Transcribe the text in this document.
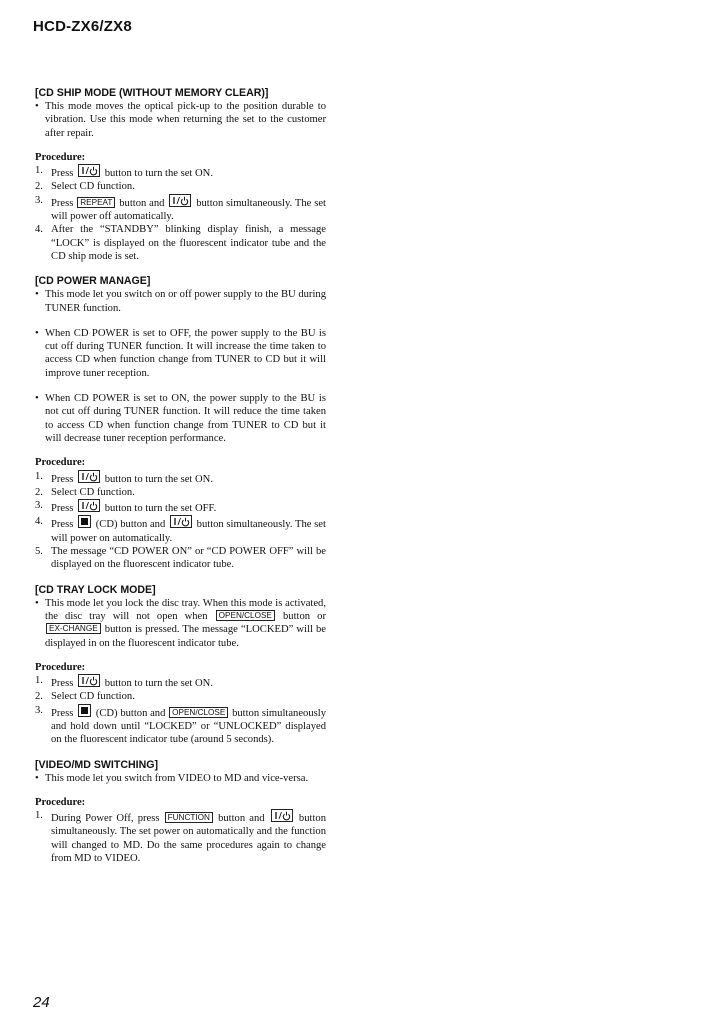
HCD-ZX6/ZX8

[CD SHIP MODE (WITHOUT MEMORY CLEAR)]

• This mode moves the optical pick-up to the position durable to vibration. Use this mode when returning the set to the customer after repair.

Procedure:

1. Press	button to turn the set ON.

2. Select CD function.

3. Press REPEAT button and	button simultaneously. The set will power off automatically.

4. After the “STANDBY” blinking display finish, a message “LOCK” is displayed on the fluorescent indicator tube and the CD ship mode is set.

[CD POWER MANAGE]

• This mode let you switch on or off power supply to the BU during TUNER function.

• When CD POWER is set to OFF, the power supply to the BU is cut off during TUNER function. It will increase the time taken to access CD when function change from TUNER to CD but it will improve tuner reception.

• When CD POWER is set to ON, the power supply to the BU is not cut off during TUNER function. It will reduce the time taken to access CD when function change from TUNER to CD but it will decrease tuner reception performance.

Procedure:

1. Press	button to turn the set ON.

2. Select CD function.

3. Press	button to turn the set OFF.

4. Press (CD) button and	button simultaneously. The set will power on automatically.

5. The message “CD POWER ON” or “CD POWER OFF” will be displayed on the fluorescent indicator tube.

[CD TRAY LOCK MODE]

• This mode let you lock the disc tray. When this mode is activated, the disc tray will not open when OPEN/CLOSE button or EX-CHANGE button is pressed. The message “LOCKED” will be displayed in on the fluorescent indicator tube.

Procedure:

1. Press	button to turn the set ON.

2. Select CD function.

3. Press (CD) button and OPEN/CLOSE button simultaneously and hold down until “LOCKED” or “UNLOCKED” displayed on the fluorescent indicator tube (around 5 seconds).

[VIDEO/MD SWITCHING]

• This mode let you switch from VIDEO to MD and vice-versa.

Procedure:

1. During Power Off, press FUNCTION button and	button simultaneously. The set power on automatically and the function will changed to MD. Do the same procedures again to change from MD to VIDEO.

24
